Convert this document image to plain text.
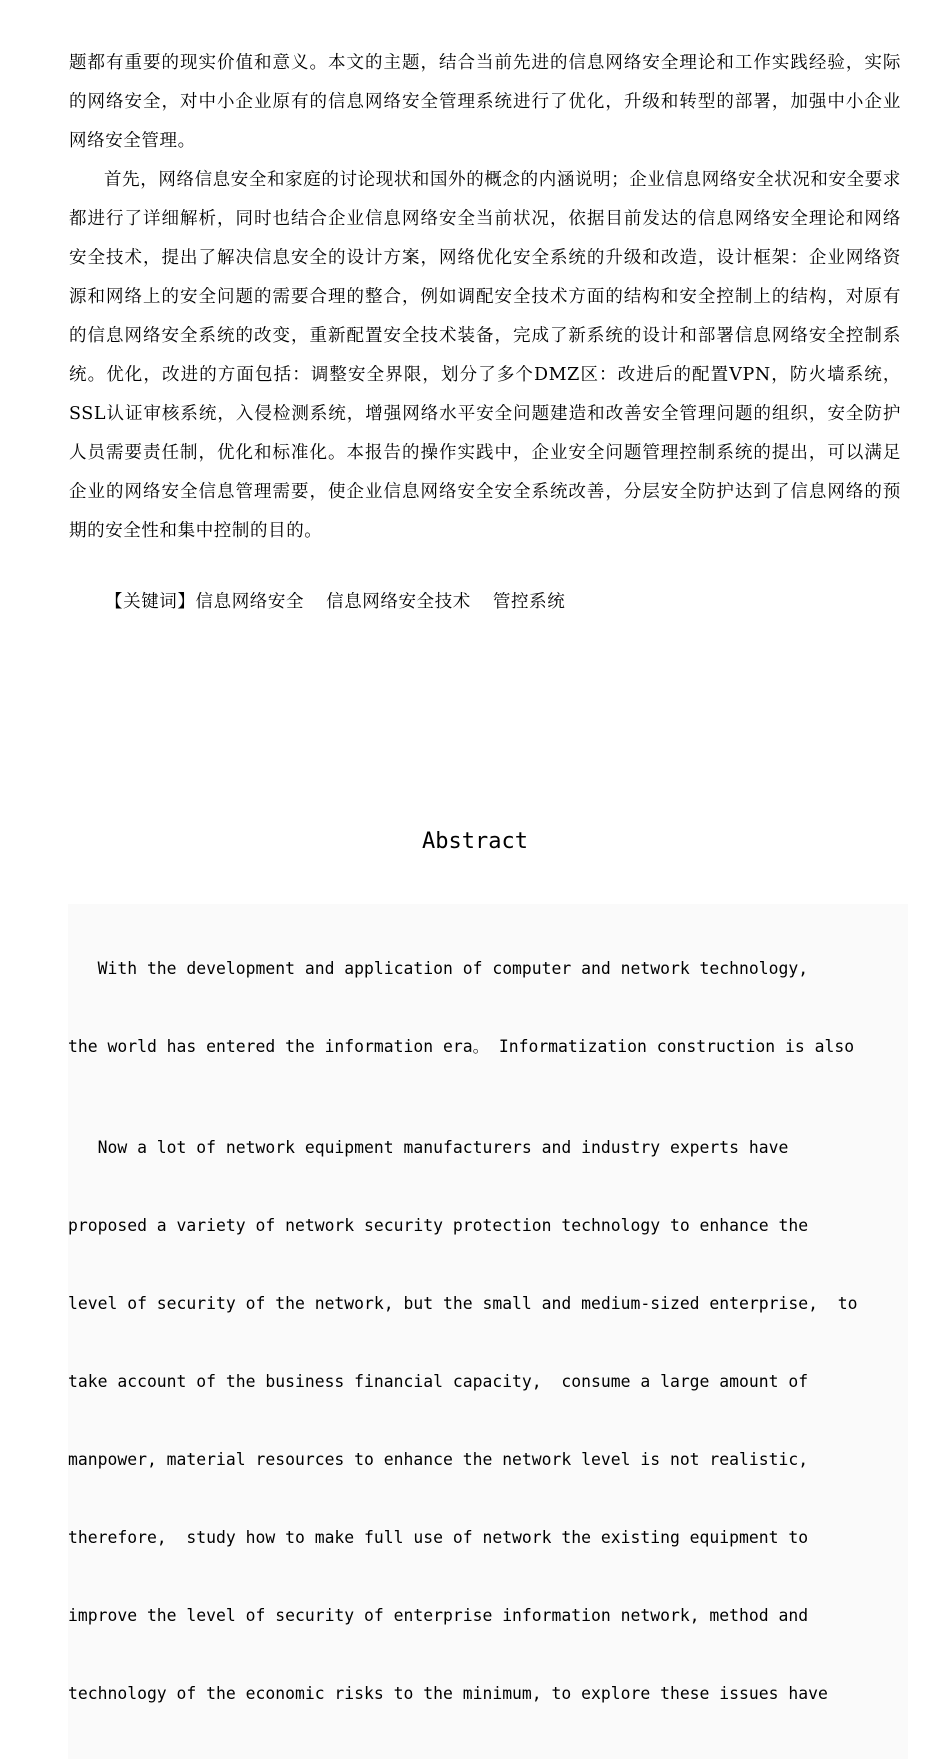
题都有重要的现实价值和意义。本文的主题，结合当前先进的信息网络安全理论和工作实践经验，实际的网络安全，对中小企业原有的信息网络安全管理系统进行了优化，升级和转型的部署，加强中小企业网络安全管理。

首先，网络信息安全和家庭的讨论现状和国外的概念的内涵说明；企业信息网络安全状况和安全要求都进行了详细解析，同时也结合企业信息网络安全当前状况，依据目前发达的信息网络安全理论和网络安全技术，提出了解决信息安全的设计方案，网络优化安全系统的升级和改造，设计框架：企业网络资源和网络上的安全问题的需要合理的整合，例如调配安全技术方面的结构和安全控制上的结构，对原有的信息网络安全系统的改变，重新配置安全技术装备，完成了新系统的设计和部署信息网络安全控制系统。优化，改进的方面包括：调整安全界限，划分了多个DMZ区：改进后的配置VPN，防火墙系统，SSL认证审核系统，入侵检测系统，增强网络水平安全问题建造和改善安全管理问题的组织，安全防护人员需要责任制，优化和标准化。本报告的操作实践中，企业安全问题管理控制系统的提出，可以满足企业的网络安全信息管理需要，使企业信息网络安全安全系统改善，分层安全防护达到了信息网络的预期的安全性和集中控制的目的。

【关键词】信息网络安全 信息网络安全技术 管控系统
Abstract

With the development and application of computer and network technology,

the world has entered the information era。 Informatization construction is also

Now a lot of network equipment manufacturers and industry experts have

proposed a variety of network security protection technology to enhance the

level of security of the network, but the small and medium-sized enterprise,  to

take account of the business financial capacity,  consume a large amount of

manpower, material resources to enhance the network level is not realistic,

therefore,  study how to make full use of network the existing equipment to

improve the level of security of enterprise information network, method and

technology of the economic risks to the minimum, to explore these issues have
